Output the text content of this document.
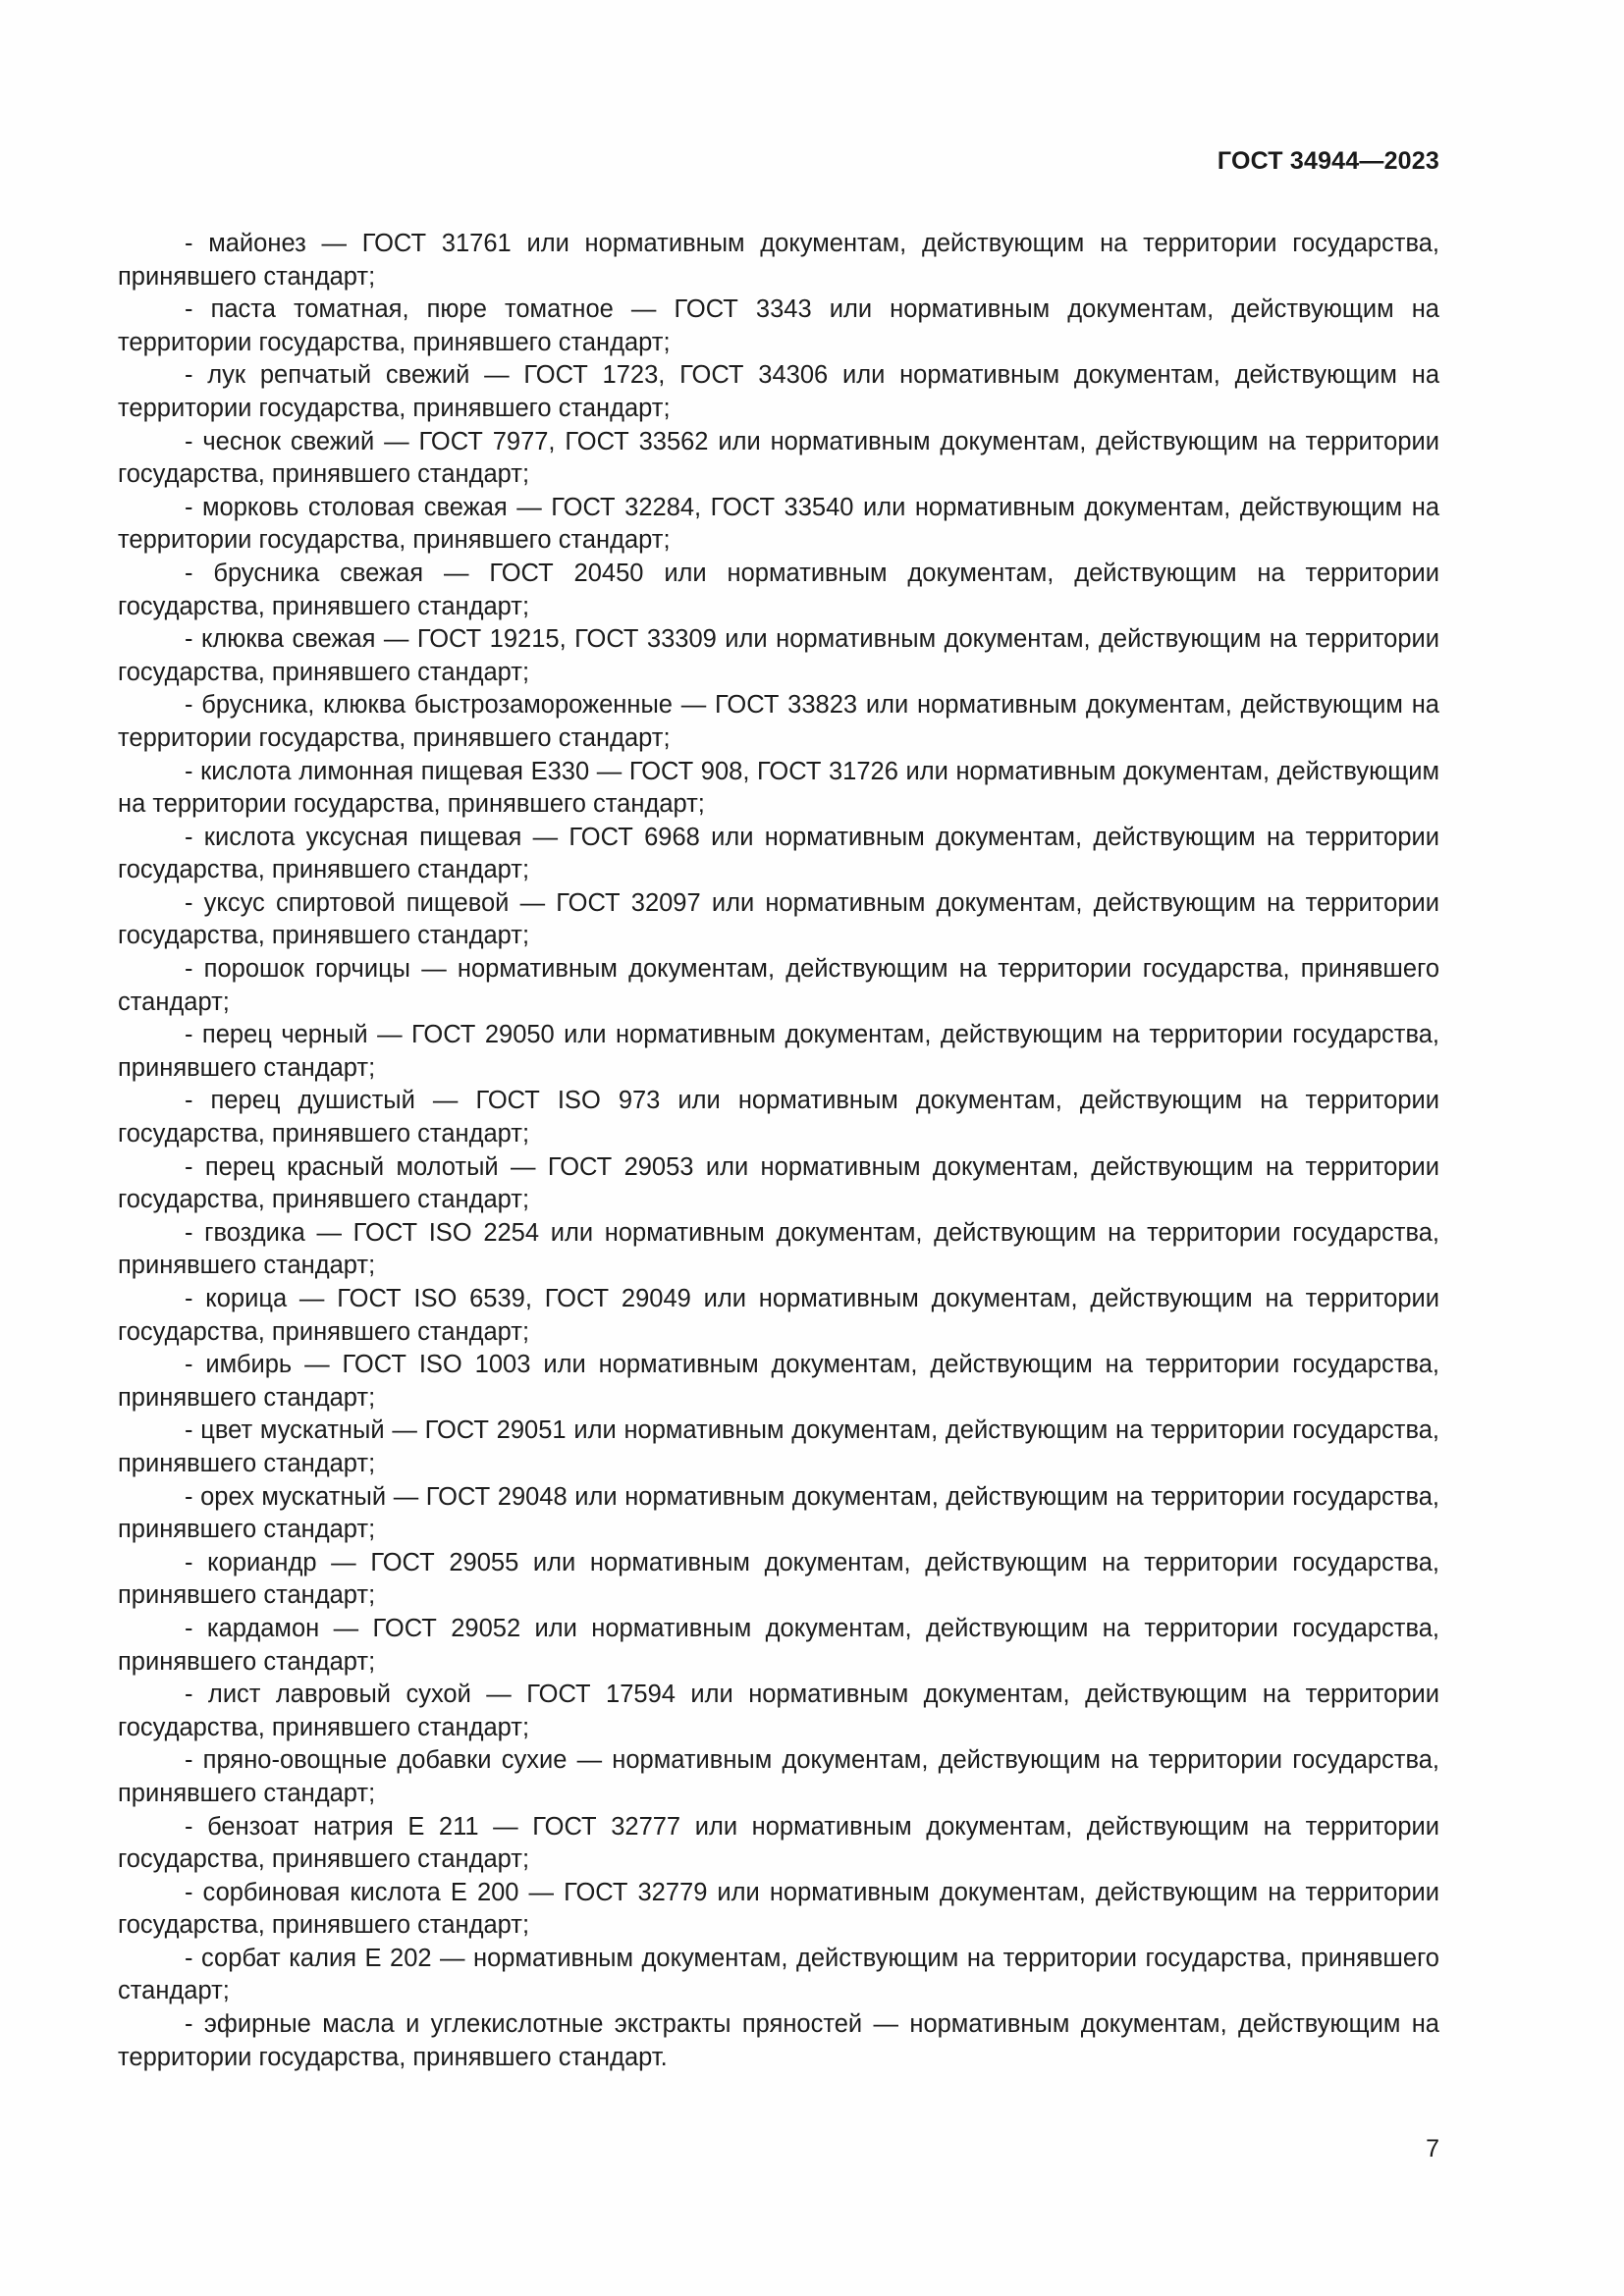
ГОСТ 34944—2023

- майонез — ГОСТ 31761 или нормативным документам, действующим на территории государства, принявшего стандарт;

- паста томатная, пюре томатное — ГОСТ 3343 или нормативным документам, действующим на территории государства, принявшего стандарт;

- лук репчатый свежий — ГОСТ 1723, ГОСТ 34306 или нормативным документам, действующим на территории государства, принявшего стандарт;

- чеснок свежий — ГОСТ 7977, ГОСТ 33562 или нормативным документам, действующим на территории государства, принявшего стандарт;

- морковь столовая свежая — ГОСТ 32284, ГОСТ 33540 или нормативным документам, действующим на территории государства, принявшего стандарт;

- брусника свежая — ГОСТ 20450 или нормативным документам, действующим на территории государства, принявшего стандарт;

- клюква свежая — ГОСТ 19215, ГОСТ 33309 или нормативным документам, действующим на территории государства, принявшего стандарт;

- брусника, клюква быстрозамороженные — ГОСТ 33823 или нормативным документам, действующим на территории государства, принявшего стандарт;

- кислота лимонная пищевая Е330 — ГОСТ 908, ГОСТ 31726 или нормативным документам, действующим на территории государства, принявшего стандарт;

- кислота уксусная пищевая — ГОСТ 6968 или нормативным документам, действующим на территории государства, принявшего стандарт;

- уксус спиртовой пищевой — ГОСТ 32097 или нормативным документам, действующим на территории государства, принявшего стандарт;

- порошок горчицы — нормативным документам, действующим на территории государства, принявшего стандарт;

- перец черный — ГОСТ 29050 или нормативным документам, действующим на территории государства, принявшего стандарт;

- перец душистый — ГОСТ ISO 973 или нормативным документам, действующим на территории государства, принявшего стандарт;

- перец красный молотый — ГОСТ 29053 или нормативным документам, действующим на территории государства, принявшего стандарт;

- гвоздика — ГОСТ ISO 2254 или нормативным документам, действующим на территории государства, принявшего стандарт;

- корица — ГОСТ ISO 6539, ГОСТ 29049 или нормативным документам, действующим на территории государства, принявшего стандарт;

- имбирь — ГОСТ ISO 1003 или нормативным документам, действующим на территории государства, принявшего стандарт;

- цвет мускатный — ГОСТ 29051 или нормативным документам, действующим на территории государства, принявшего стандарт;

- орех мускатный — ГОСТ 29048 или нормативным документам, действующим на территории государства, принявшего стандарт;

- кориандр — ГОСТ 29055 или нормативным документам, действующим на территории государства, принявшего стандарт;

- кардамон — ГОСТ 29052 или нормативным документам, действующим на территории государства, принявшего стандарт;

- лист лавровый сухой — ГОСТ 17594 или нормативным документам, действующим на территории государства, принявшего стандарт;

- пряно-овощные добавки сухие — нормативным документам, действующим на территории государства, принявшего стандарт;

- бензоат натрия Е 211 — ГОСТ 32777 или нормативным документам, действующим на территории государства, принявшего стандарт;

- сорбиновая кислота Е 200 — ГОСТ 32779 или нормативным документам, действующим на территории государства, принявшего стандарт;

- сорбат калия Е 202 — нормативным документам, действующим на территории государства, принявшего стандарт;

- эфирные масла и углекислотные экстракты пряностей — нормативным документам, действующим на территории государства, принявшего стандарт.

7
